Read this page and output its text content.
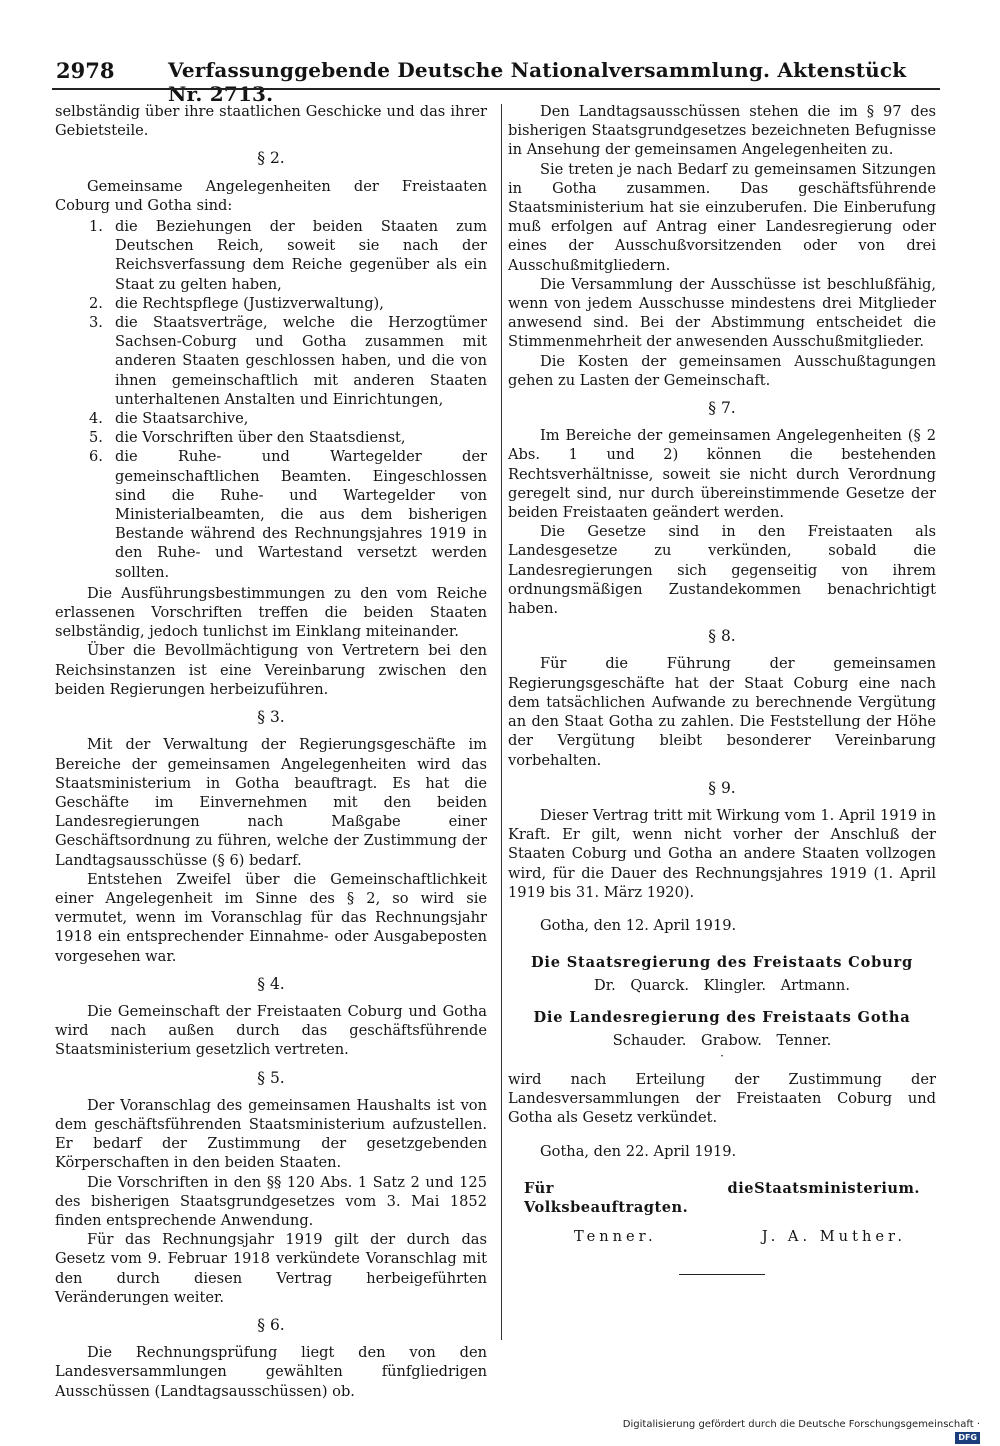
2978	Verfassunggebende Deutsche Nationalversammlung. Aktenstück Nr. 2713.

selbständig über ihre staatlichen Geschicke und das ihrer Gebietsteile.

§ 2.

Gemeinsame Angelegenheiten der Freistaaten Coburg und Gotha sind:

1. die Beziehungen der beiden Staaten zum Deutschen Reich, soweit sie nach der Reichsverfassung dem Reiche gegenüber als ein Staat zu gelten haben,
2. die Rechtspflege (Justizverwaltung),
3. die Staatsverträge, welche die Herzogtümer Sachsen-Coburg und Gotha zusammen mit anderen Staaten geschlossen haben, und die von ihnen gemeinschaftlich mit anderen Staaten unterhaltenen Anstalten und Einrichtungen,
4. die Staatsarchive,
5. die Vorschriften über den Staatsdienst,
6. die Ruhe- und Wartegelder der gemeinschaftlichen Beamten. Eingeschlossen sind die Ruhe- und Wartegelder von Ministerialbeamten, die aus dem bisherigen Bestande während des Rechnungsjahres 1919 in den Ruhe- und Wartestand versetzt werden sollten.

Die Ausführungsbestimmungen zu den vom Reiche erlassenen Vorschriften treffen die beiden Staaten selbständig, jedoch tunlichst im Einklang miteinander.

Über die Bevollmächtigung von Vertretern bei den Reichsinstanzen ist eine Vereinbarung zwischen den beiden Regierungen herbeizuführen.

§ 3.

Mit der Verwaltung der Regierungsgeschäfte im Bereiche der gemeinsamen Angelegenheiten wird das Staatsministerium in Gotha beauftragt. Es hat die Geschäfte im Einvernehmen mit den beiden Landesregierungen nach Maßgabe einer Geschäftsordnung zu führen, welche der Zustimmung der Landtagsausschüsse (§ 6) bedarf.

Entstehen Zweifel über die Gemeinschaftlichkeit einer Angelegenheit im Sinne des § 2, so wird sie vermutet, wenn im Voranschlag für das Rechnungsjahr 1918 ein entsprechender Einnahme- oder Ausgabeposten vorgesehen war.

§ 4.

Die Gemeinschaft der Freistaaten Coburg und Gotha wird nach außen durch das geschäftsführende Staatsministerium gesetzlich vertreten.

§ 5.

Der Voranschlag des gemeinsamen Haushalts ist von dem geschäftsführenden Staatsministerium aufzustellen. Er bedarf der Zustimmung der gesetzgebenden Körperschaften in den beiden Staaten.

Die Vorschriften in den §§ 120 Abs. 1 Satz 2 und 125 des bisherigen Staatsgrundgesetzes vom 3. Mai 1852 finden entsprechende Anwendung.

Für das Rechnungsjahr 1919 gilt der durch das Gesetz vom 9. Februar 1918 verkündete Voranschlag mit den durch diesen Vertrag herbeigeführten Veränderungen weiter.

§ 6.

Die Rechnungsprüfung liegt den von den Landesversammlungen gewählten fünfgliedrigen Ausschüssen (Landtagsausschüssen) ob.

Den Landtagsausschüssen stehen die im § 97 des bisherigen Staatsgrundgesetzes bezeichneten Befugnisse in Ansehung der gemeinsamen Angelegenheiten zu.

Sie treten je nach Bedarf zu gemeinsamen Sitzungen in Gotha zusammen. Das geschäftsführende Staatsministerium hat sie einzuberufen. Die Einberufung muß erfolgen auf Antrag einer Landesregierung oder eines der Ausschußvorsitzenden oder von drei Ausschußmitgliedern.

Die Versammlung der Ausschüsse ist beschlußfähig, wenn von jedem Ausschusse mindestens drei Mitglieder anwesend sind. Bei der Abstimmung entscheidet die Stimmenmehrheit der anwesenden Ausschußmitglieder.

Die Kosten der gemeinsamen Ausschußtagungen gehen zu Lasten der Gemeinschaft.

§ 7.

Im Bereiche der gemeinsamen Angelegenheiten (§ 2 Abs. 1 und 2) können die bestehenden Rechtsverhältnisse, soweit sie nicht durch Verordnung geregelt sind, nur durch übereinstimmende Gesetze der beiden Freistaaten geändert werden.

Die Gesetze sind in den Freistaaten als Landesgesetze zu verkünden, sobald die Landesregierungen sich gegenseitig von ihrem ordnungsmäßigen Zustandekommen benachrichtigt haben.

§ 8.

Für die Führung der gemeinsamen Regierungsgeschäfte hat der Staat Coburg eine nach dem tatsächlichen Aufwande zu berechnende Vergütung an den Staat Gotha zu zahlen. Die Feststellung der Höhe der Vergütung bleibt besonderer Vereinbarung vorbehalten.

§ 9.

Dieser Vertrag tritt mit Wirkung vom 1. April 1919 in Kraft. Er gilt, wenn nicht vorher der Anschluß der Staaten Coburg und Gotha an andere Staaten vollzogen wird, für die Dauer des Rechnungsjahres 1919 (1. April 1919 bis 31. März 1920).

Gotha, den 12. April 1919.

Die Staatsregierung des Freistaats Coburg

Dr. Quarck. Klingler. Artmann.

Die Landesregierung des Freistaats Gotha

Schauder. Grabow. Tenner.

·

wird nach Erteilung der Zustimmung der Landesversammlungen der Freistaaten Coburg und Gotha als Gesetz verkündet.

Gotha, den 22. April 1919.

Für die Volksbeauftragten.
Staatsministerium.
Tenner.	J. A. Muther.
Digitalisierung gefördert durch die Deutsche Forschungsgemeinschaft ·DFG
